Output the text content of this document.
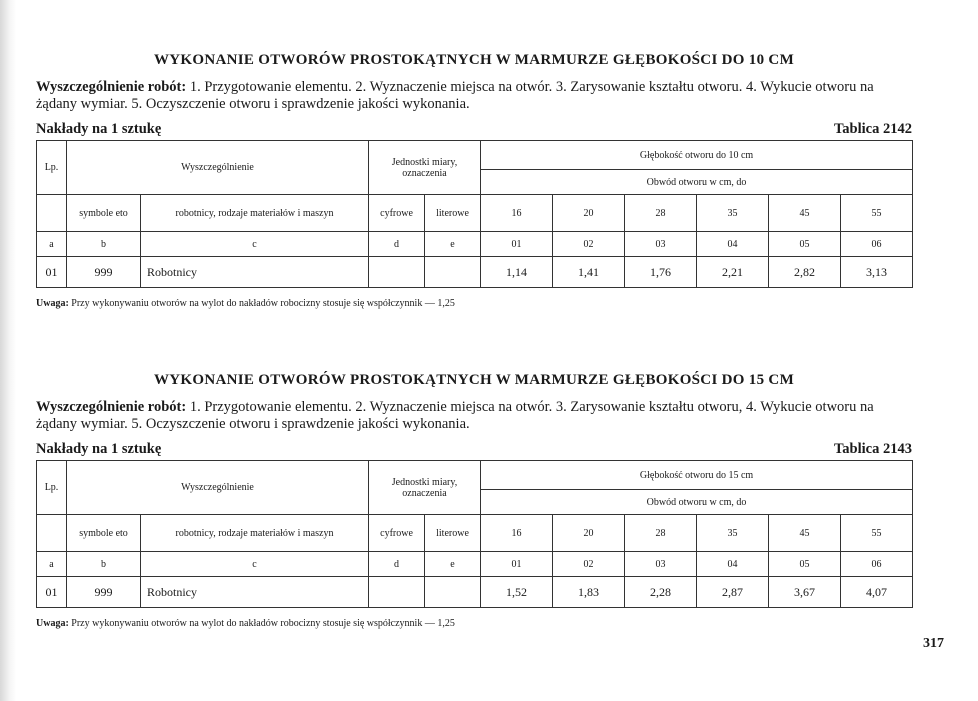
WYKONANIE OTWORÓW PROSTOKĄTNYCH W MARMURZE GŁĘBOKOŚCI DO 10 CM
Wyszczególnienie robót: 1. Przygotowanie elementu. 2. Wyznaczenie miejsca na otwór. 3. Zarysowanie kształtu otworu. 4. Wykucie otworu na żądany wymiar. 5. Oczyszczenie otworu i sprawdzenie jakości wykonania.
Nakłady na 1 sztukę	Tablica 2142
Lp.	Wyszczególnienie		Jednostki miary, oznaczenia		Głębokość otworu do 10 cm					
					Obwód otworu w cm, do					
	symbole eto	robotnicy, rodzaje materiałów i maszyn	cyfrowe	literowe	16	20	28	35	45	55
a	b	c	d	e	01	02	03	04	05	06
01	999	Robotnicy			1,14	1,41	1,76	2,21	2,82	3,13
Uwaga: Przy wykonywaniu otworów na wylot do nakładów robocizny stosuje się współczynnik — 1,25
WYKONANIE OTWORÓW PROSTOKĄTNYCH W MARMURZE GŁĘBOKOŚCI DO 15 CM
Wyszczególnienie robót: 1. Przygotowanie elementu. 2. Wyznaczenie miejsca na otwór. 3. Zarysowanie kształtu otworu, 4. Wykucie otworu na żądany wymiar. 5. Oczyszczenie otworu i sprawdzenie jakości wykonania.
Nakłady na 1 sztukę	Tablica 2143
Lp.	Wyszczególnienie		Jednostki miary, oznaczenia		Głębokość otworu do 15 cm					
					Obwód otworu w cm, do					
	symbole eto	robotnicy, rodzaje materiałów i maszyn	cyfrowe	literowe	16	20	28	35	45	55
a	b	c	d	e	01	02	03	04	05	06
01	999	Robotnicy			1,52	1,83	2,28	2,87	3,67	4,07
Uwaga: Przy wykonywaniu otworów na wylot do nakładów robocizny stosuje się współczynnik — 1,25
317
